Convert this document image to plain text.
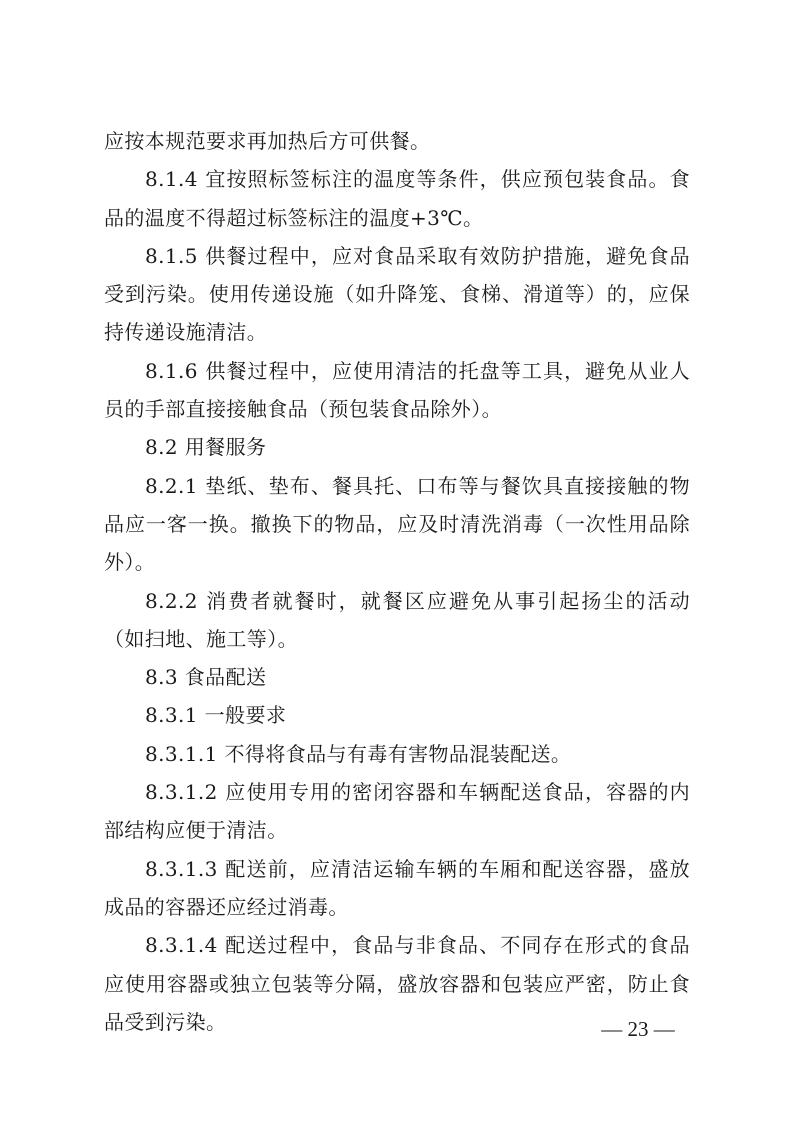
应按本规范要求再加热后方可供餐。

8.1.4 宜按照标签标注的温度等条件，供应预包装食品。食品的温度不得超过标签标注的温度+3℃。

8.1.5 供餐过程中，应对食品采取有效防护措施，避免食品受到污染。使用传递设施（如升降笼、食梯、滑道等）的，应保持传递设施清洁。

8.1.6 供餐过程中，应使用清洁的托盘等工具，避免从业人员的手部直接接触食品（预包装食品除外）。

8.2 用餐服务

8.2.1 垫纸、垫布、餐具托、口布等与餐饮具直接接触的物品应一客一换。撤换下的物品，应及时清洗消毒（一次性用品除外）。

8.2.2 消费者就餐时，就餐区应避免从事引起扬尘的活动（如扫地、施工等）。

8.3 食品配送

8.3.1 一般要求

8.3.1.1 不得将食品与有毒有害物品混装配送。

8.3.1.2 应使用专用的密闭容器和车辆配送食品，容器的内部结构应便于清洁。

8.3.1.3 配送前，应清洁运输车辆的车厢和配送容器，盛放成品的容器还应经过消毒。

8.3.1.4 配送过程中，食品与非食品、不同存在形式的食品应使用容器或独立包装等分隔，盛放容器和包装应严密，防止食品受到污染。	— 23 —
